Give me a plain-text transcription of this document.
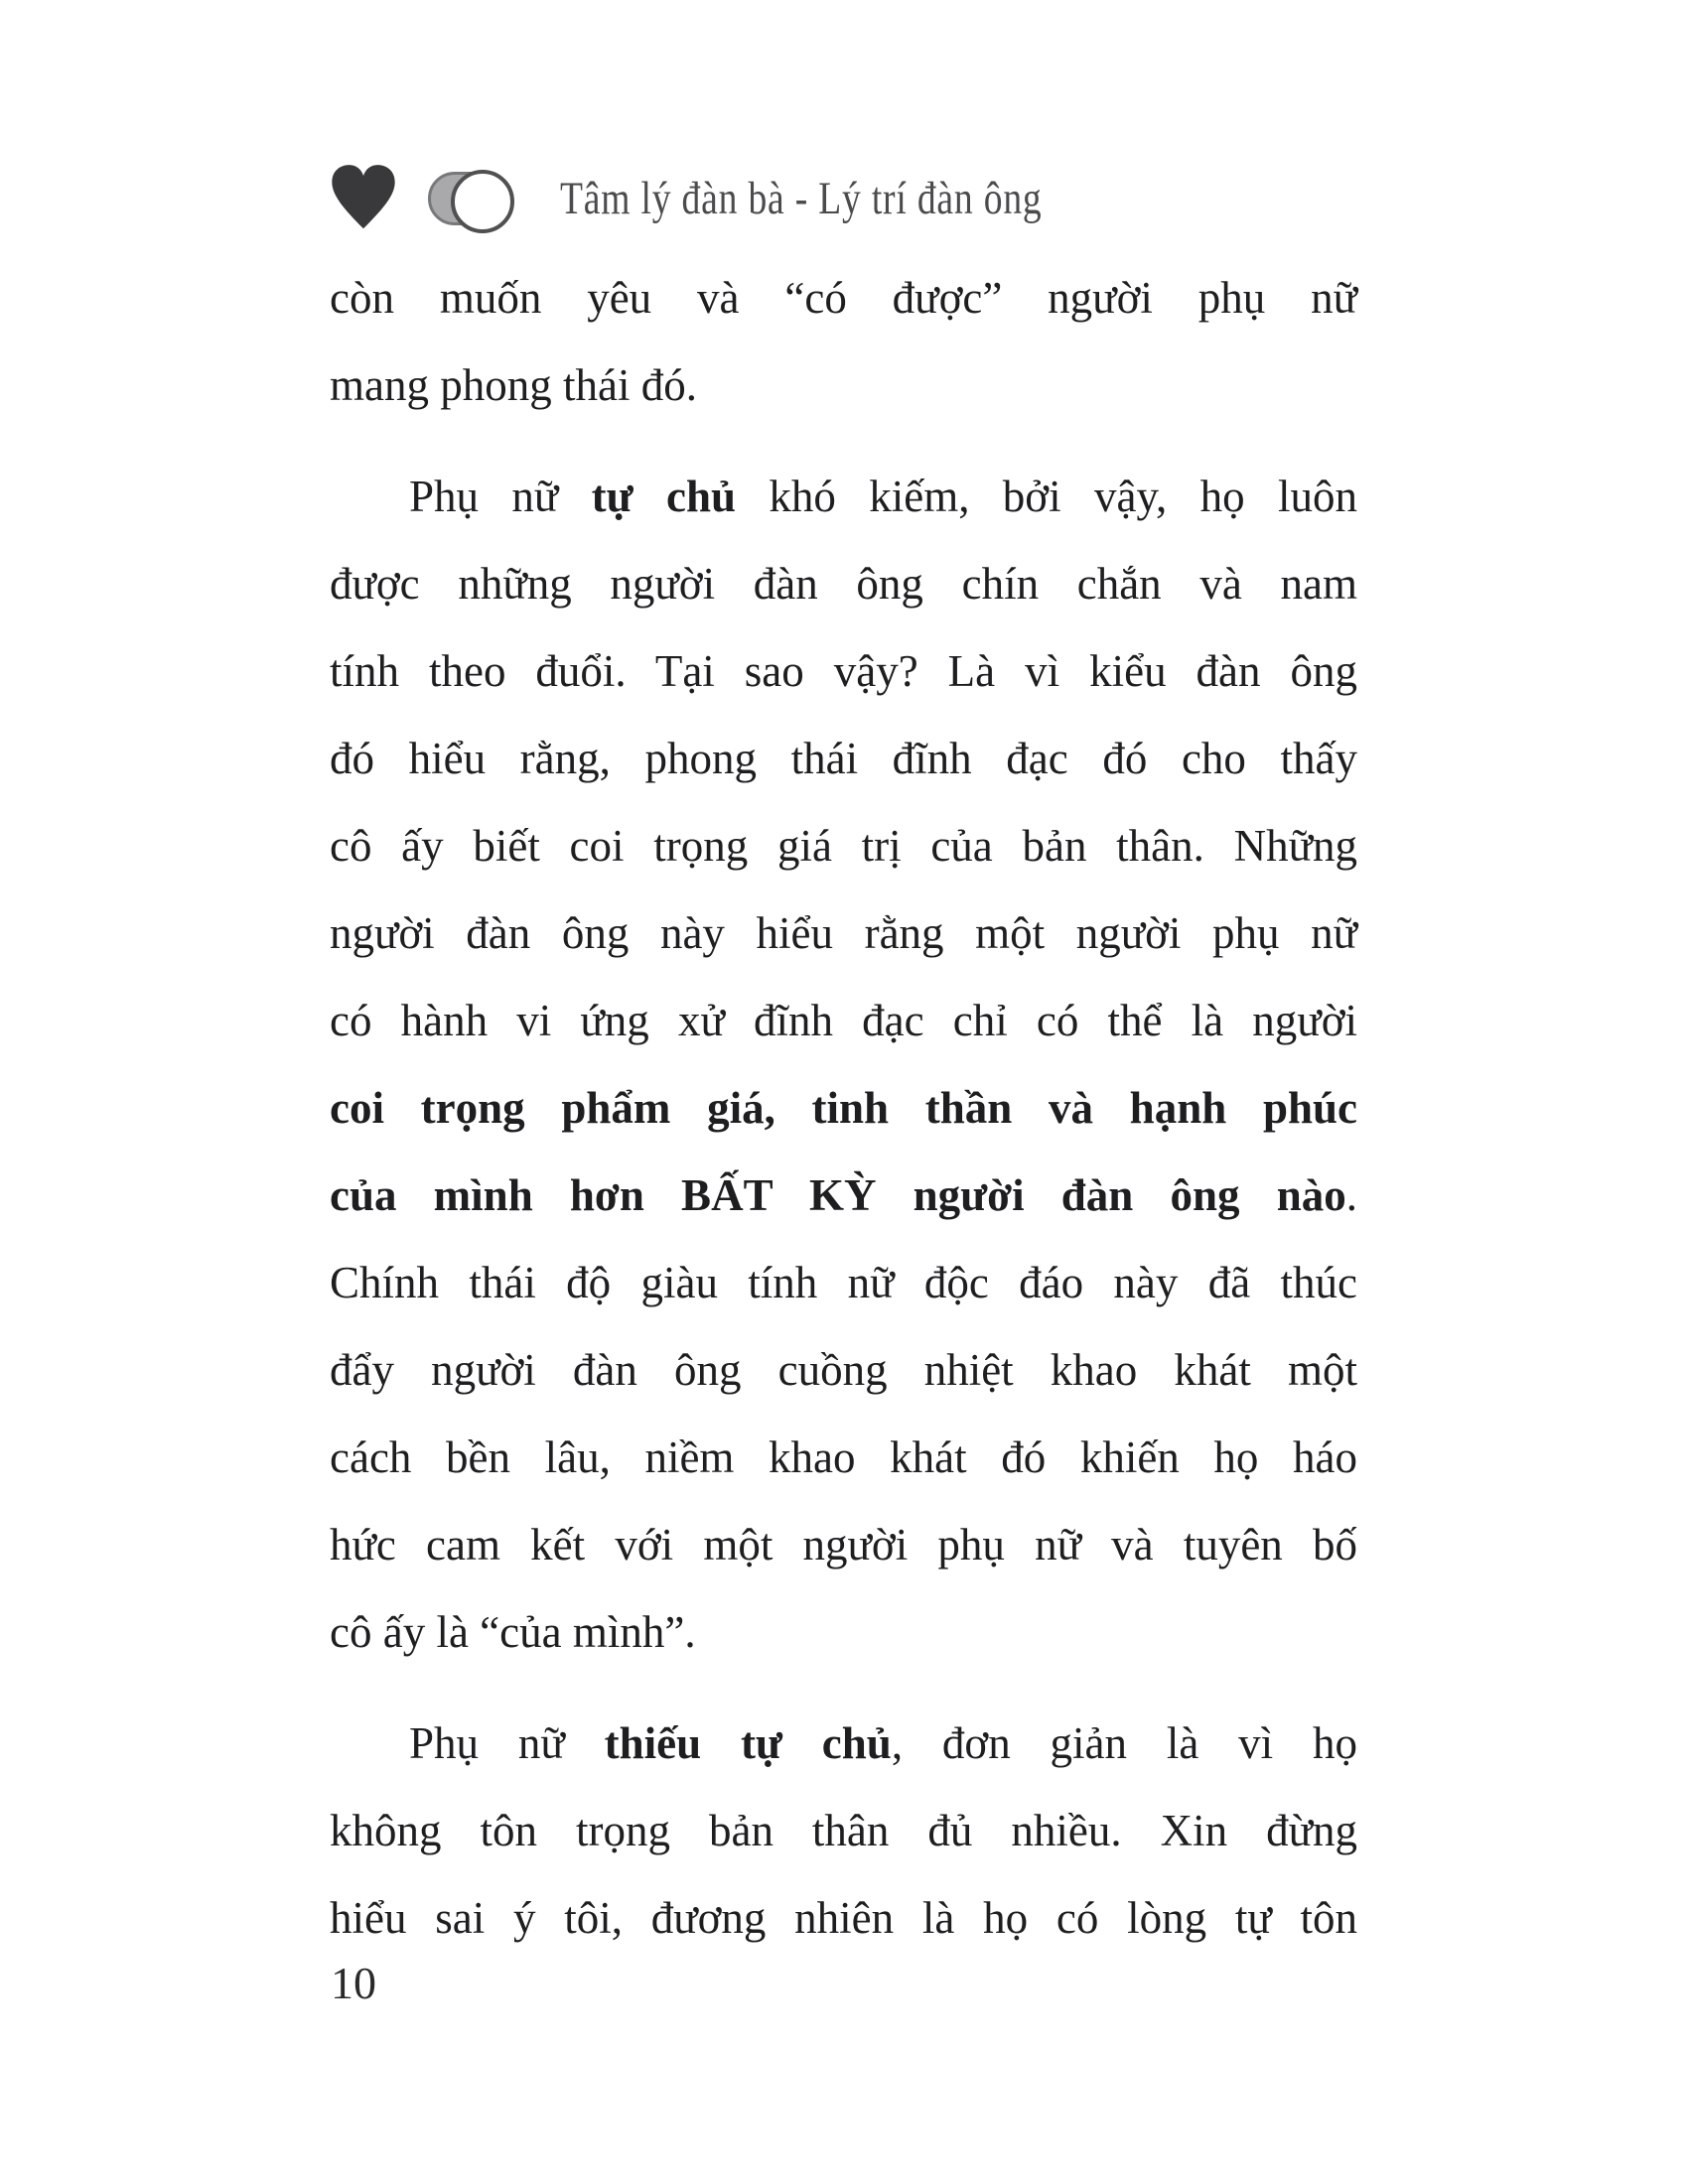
Tâm lý đàn bà - Lý trí đàn ông
còn muốn yêu và “có được” người phụ nữ
mang phong thái đó.
Phụ nữ tự chủ khó kiếm, bởi vậy, họ luôn
được những người đàn ông chín chắn và nam
tính theo đuổi. Tại sao vậy? Là vì kiểu đàn ông
đó hiểu rằng, phong thái đĩnh đạc đó cho thấy
cô ấy biết coi trọng giá trị của bản thân. Những
người đàn ông này hiểu rằng một người phụ nữ
có hành vi ứng xử đĩnh đạc chỉ có thể là người
coi trọng phẩm giá, tinh thần và hạnh phúc
của mình hơn BẤT KỲ người đàn ông nào.
Chính thái độ giàu tính nữ độc đáo này đã thúc
đẩy người đàn ông cuồng nhiệt khao khát một
cách bền lâu, niềm khao khát đó khiến họ háo
hức cam kết với một người phụ nữ và tuyên bố
cô ấy là “của mình”.
Phụ nữ thiếu tự chủ, đơn giản là vì họ
không tôn trọng bản thân đủ nhiều. Xin đừng
hiểu sai ý tôi, đương nhiên là họ có lòng tự tôn
10
